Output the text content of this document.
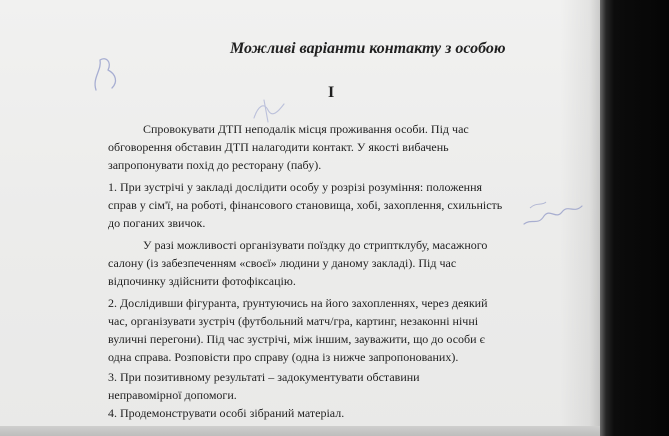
Можливі варіанти контакту з особою
I
Спровокувати ДТП неподалік місця проживання особи. Під час
обговорення обставин ДТП налагодити контакт. У якості вибачень
запропонувати похід до ресторану (пабу).
1. При зустрічі у закладі дослідити особу у розрізі розуміння: положення
справ у сім'ї, на роботі, фінансового становища, хобі, захоплення, схильність
до поганих звичок.
У разі можливості організувати поїздку до стриптклубу, масажного
салону (із забезпеченням «своєї» людини у даному закладі). Під час
відпочинку здійснити фотофіксацію.
2. Дослідивши фігуранта, ґрунтуючись на його захопленнях, через деякий
час, організувати зустріч (футбольний матч/гра, картинг, незаконні нічні
вуличні перегони). Під час зустрічі, між іншим, зауважити, що до особи є
одна справа. Розповісти про справу (одна із нижче запропонованих).
3. При позитивному результаті – задокументувати обставини
неправомірної допомоги.
4. Продемонструвати особі зібраний матеріал.
